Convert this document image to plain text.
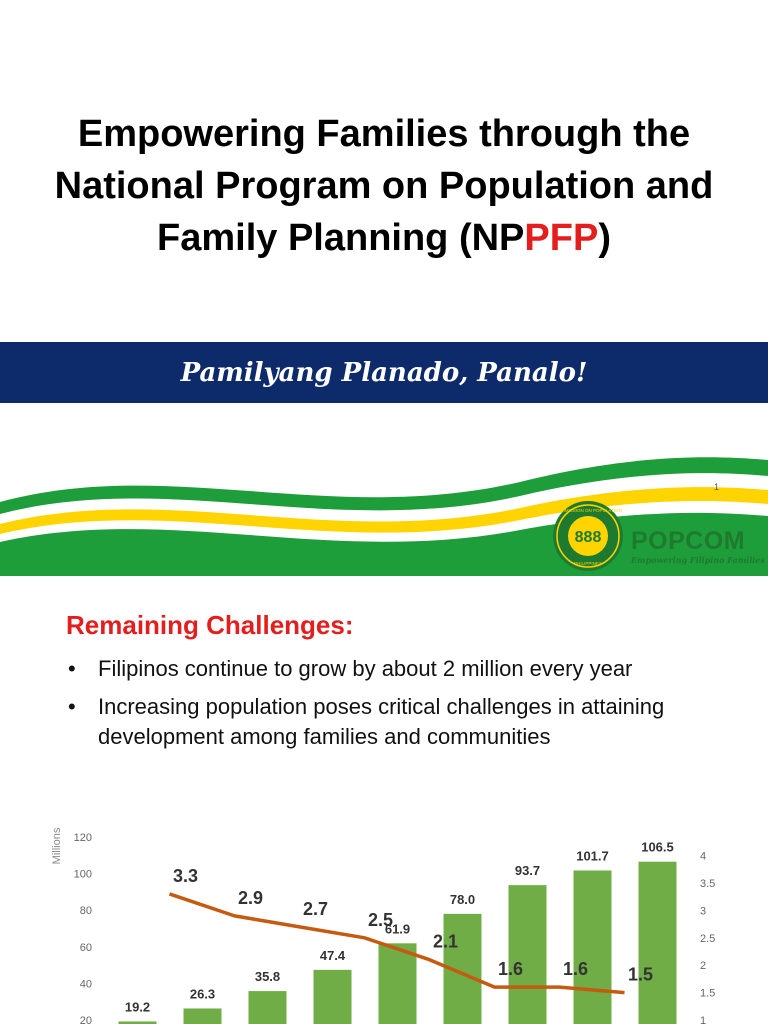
Empowering Families through the National Program on Population and Family Planning (NPPFP)
Pamilyang Planado, Panalo!
1
888
COMMISSION ON POPULATION
PHILIPPINES
POPCOM
Empowering Filipino Families
Remaining Challenges:
• Filipinos continue to grow by about 2 million every year
• Increasing population poses critical challenges in attaining development among families and communities
Millions
20
40
60
80
100
120
1
1.5
2
2.5
3
3.5
4
19.2
26.3
35.8
47.4
61.9
78.0
93.7
101.7
106.5
3.3
2.9
2.7
2.5
2.1
1.6 1.6 1.5
